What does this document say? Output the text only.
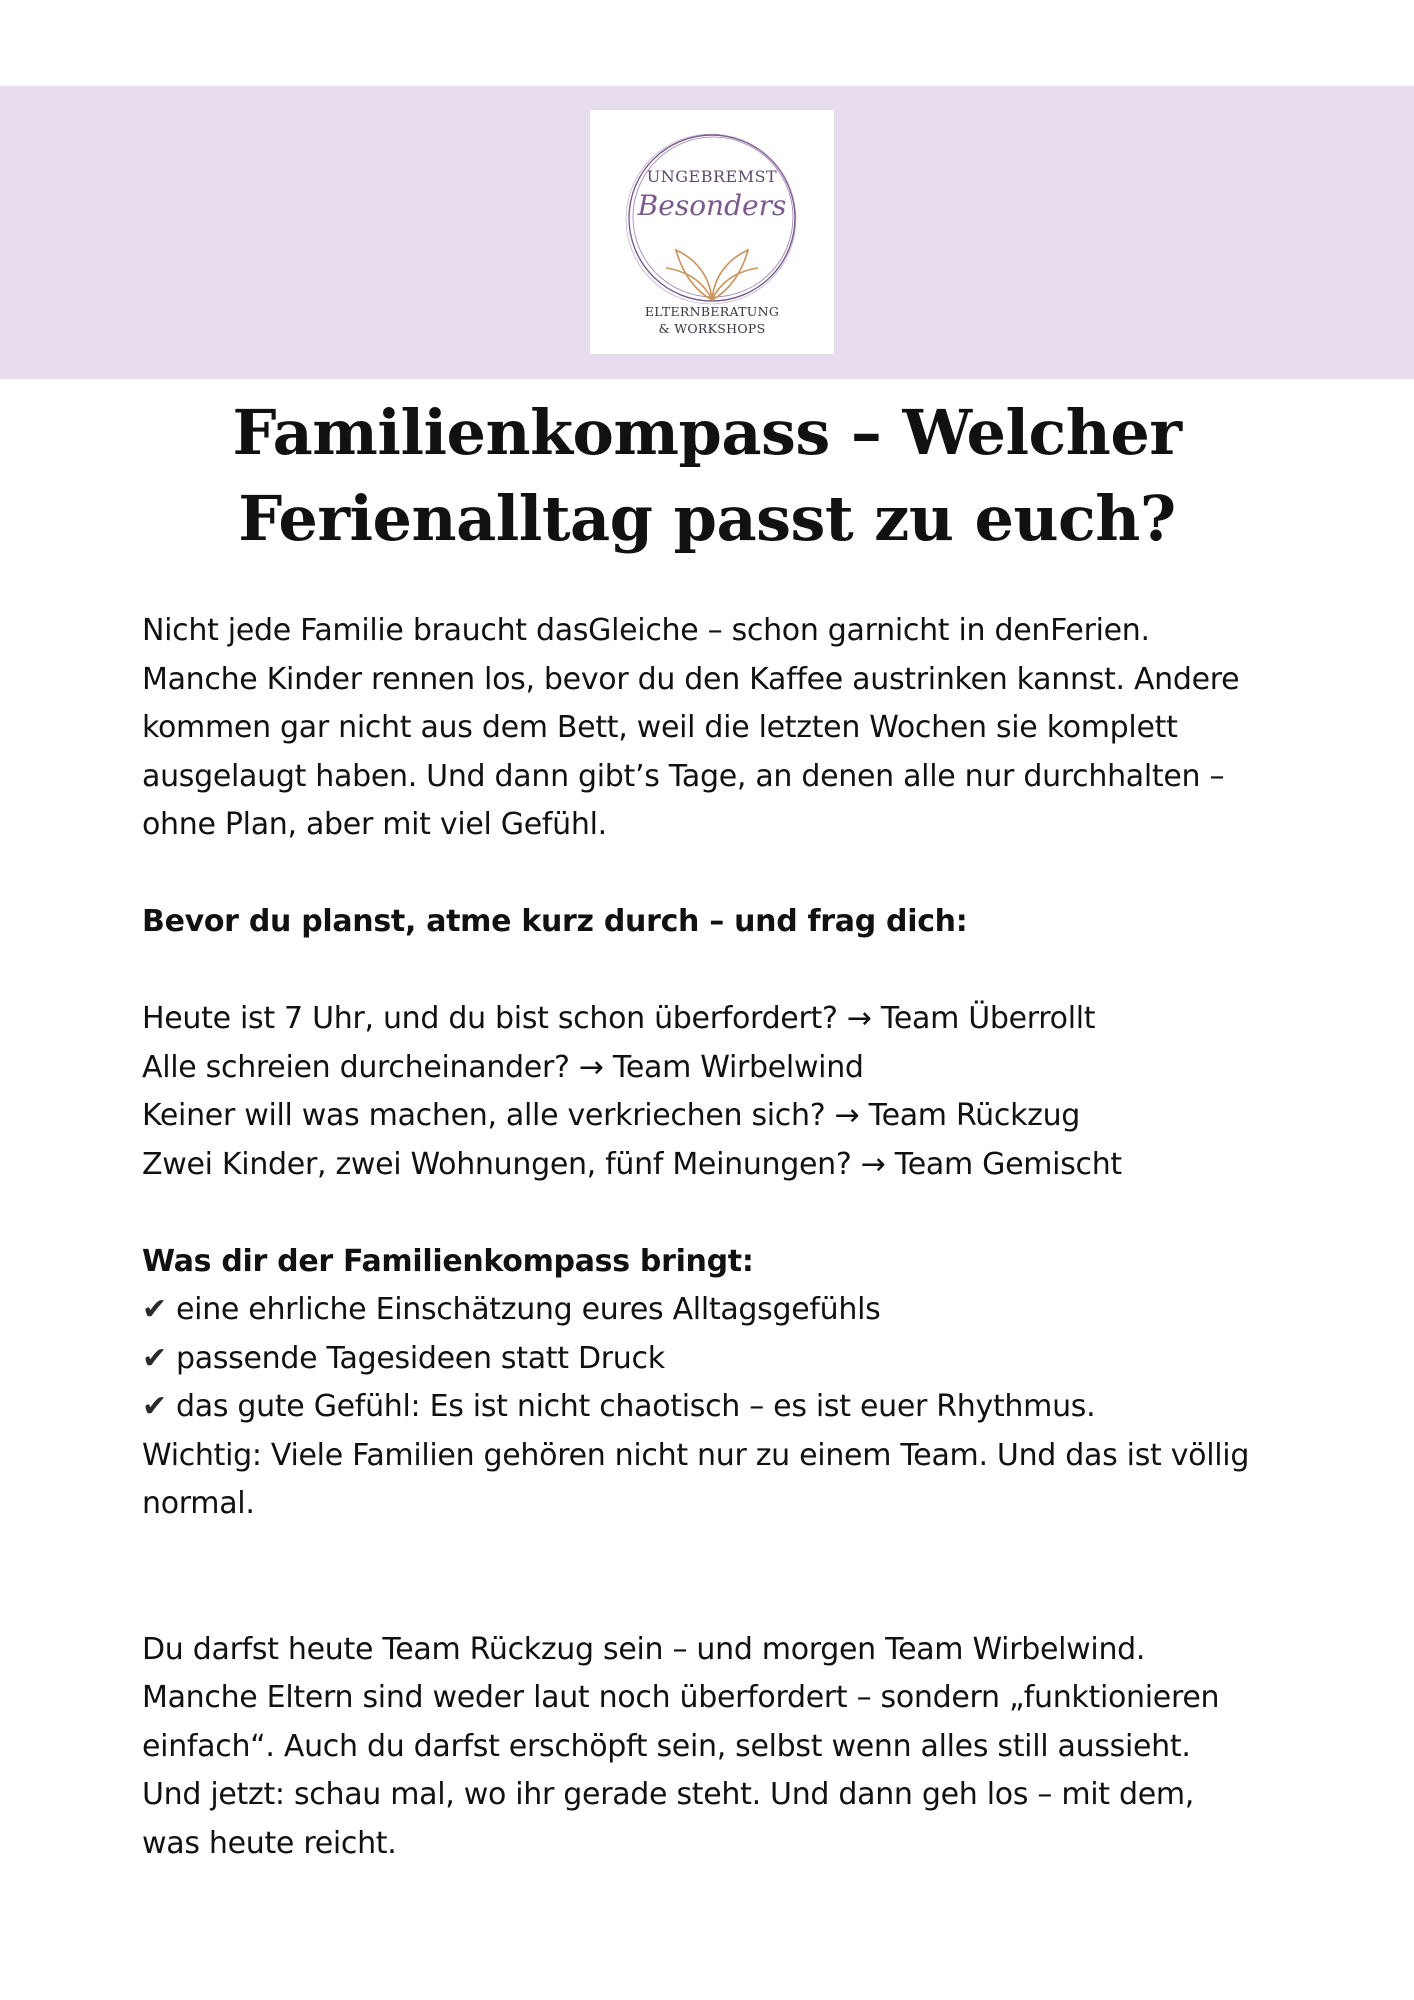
UNGEBREMST
Besonders
ELTERNBERATUNG
& WORKSHOPS
Familienkompass – Welcher
Ferienalltag passt zu euch?

Nicht jede Familie braucht dasGleiche – schon garnicht in denFerien.

Manche Kinder rennen los, bevor du den Kaffee austrinken kannst. Andere

kommen gar nicht aus dem Bett, weil die letzten Wochen sie komplett

ausgelaugt haben. Und dann gibt’s Tage, an denen alle nur durchhalten –

ohne Plan, aber mit viel Gefühl.

Bevor du planst, atme kurz durch – und frag dich:

Heute ist 7 Uhr, und du bist schon überfordert? → Team Überrollt

Alle schreien durcheinander? → Team Wirbelwind

Keiner will was machen, alle verkriechen sich? → Team Rückzug

Zwei Kinder, zwei Wohnungen, fünf Meinungen? → Team Gemischt

Was dir der Familienkompass bringt:

✔ eine ehrliche Einschätzung eures Alltagsgefühls

✔ passende Tagesideen statt Druck

✔ das gute Gefühl: Es ist nicht chaotisch – es ist euer Rhythmus.

Wichtig: Viele Familien gehören nicht nur zu einem Team. Und das ist völlig

normal.

Du darfst heute Team Rückzug sein – und morgen Team Wirbelwind.

Manche Eltern sind weder laut noch überfordert – sondern „funktionieren

einfach“. Auch du darfst erschöpft sein, selbst wenn alles still aussieht.

Und jetzt: schau mal, wo ihr gerade steht. Und dann geh los – mit dem,

was heute reicht.
